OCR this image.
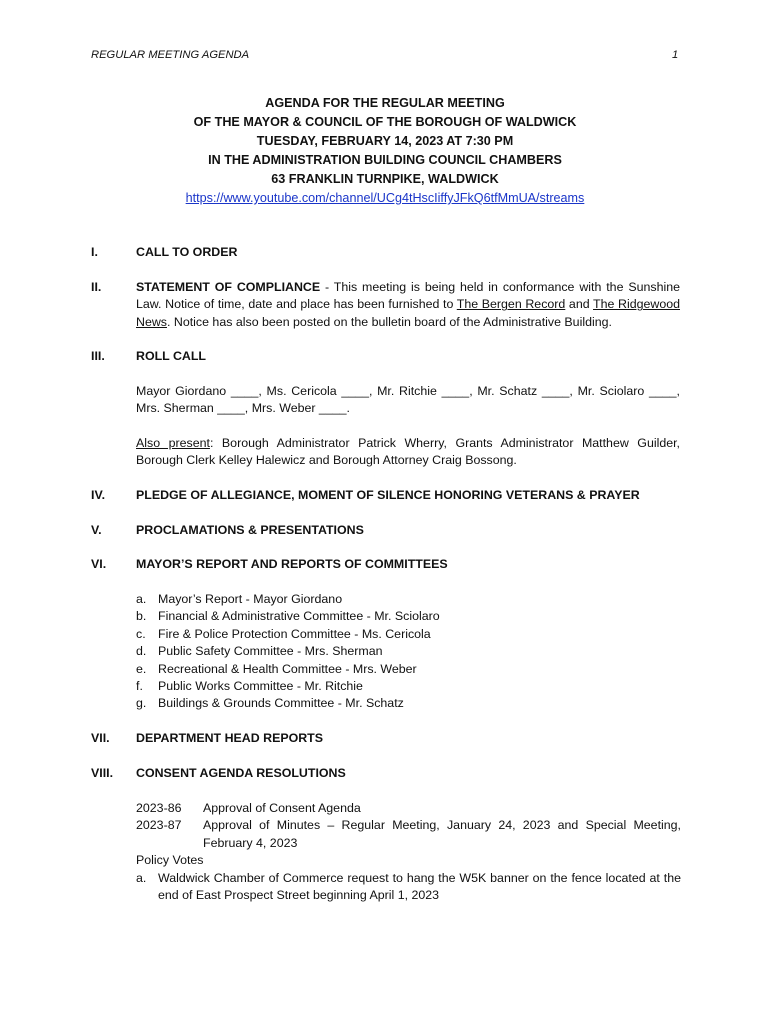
REGULAR MEETING AGENDA	1
AGENDA FOR THE REGULAR MEETING
OF THE MAYOR & COUNCIL OF THE BOROUGH OF WALDWICK
TUESDAY, FEBRUARY 14, 2023 AT 7:30 PM
IN THE ADMINISTRATION BUILDING COUNCIL CHAMBERS
63 FRANKLIN TURNPIKE, WALDWICK
https://www.youtube.com/channel/UCg4tHscIiffyJFkQ6tfMmUA/streams
I.	CALL TO ORDER
II.	STATEMENT OF COMPLIANCE - This meeting is being held in conformance with the Sunshine Law. Notice of time, date and place has been furnished to The Bergen Record and The Ridgewood News. Notice has also been posted on the bulletin board of the Administrative Building.
III.	ROLL CALL
Mayor Giordano ____, Ms. Cericola ____, Mr. Ritchie ____, Mr. Schatz ____, Mr. Sciolaro ____, Mrs. Sherman ____, Mrs. Weber ____.
Also present: Borough Administrator Patrick Wherry, Grants Administrator Matthew Guilder, Borough Clerk Kelley Halewicz and Borough Attorney Craig Bossong.
IV. PLEDGE OF ALLEGIANCE, MOMENT OF SILENCE HONORING VETERANS & PRAYER
V.	PROCLAMATIONS & PRESENTATIONS
VI. MAYOR’S REPORT AND REPORTS OF COMMITTEES
a. Mayor’s Report - Mayor Giordano
b. Financial & Administrative Committee - Mr. Sciolaro
c. Fire & Police Protection Committee - Ms. Cericola
d. Public Safety Committee - Mrs. Sherman
e. Recreational & Health Committee - Mrs. Weber
f.	Public Works Committee - Mr. Ritchie
g. Buildings & Grounds Committee - Mr. Schatz
VII. DEPARTMENT HEAD REPORTS
VIII. CONSENT AGENDA RESOLUTIONS
2023-86	Approval of Consent Agenda
2023-87	Approval of Minutes – Regular Meeting, January 24, 2023 and Special Meeting, February 4, 2023
Policy Votes
a. Waldwick Chamber of Commerce request to hang the W5K banner on the fence located at the end of East Prospect Street beginning April 1, 2023
